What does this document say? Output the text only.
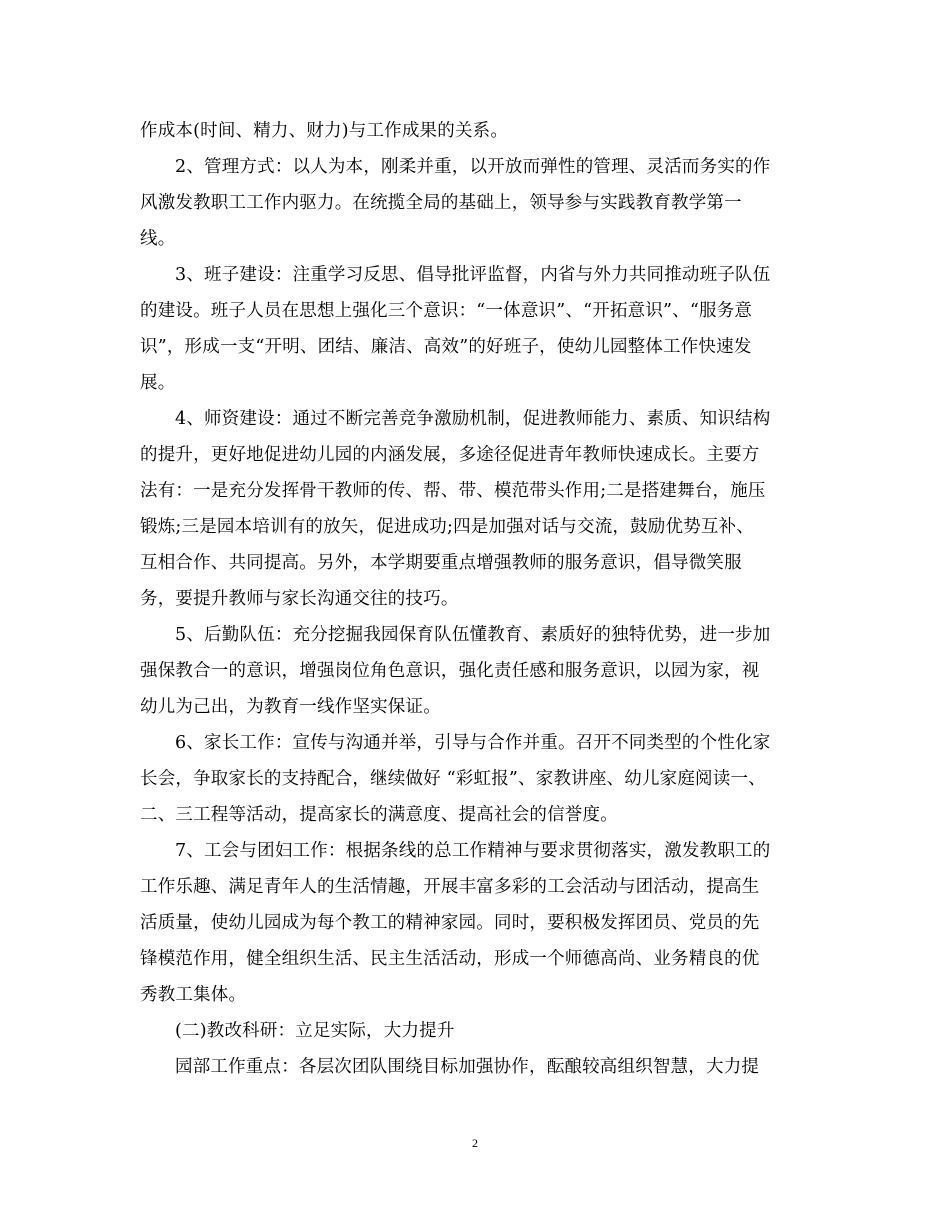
作成本(时间、精力、财力)与工作成果的关系。
2、管理方式：以人为本，刚柔并重，以开放而弹性的管理、灵活而务实的作
风激发教职工工作内驱力。在统揽全局的基础上，领导参与实践教育教学第一
线。
3、班子建设：注重学习反思、倡导批评监督，内省与外力共同推动班子队伍
的建设。班子人员在思想上强化三个意识：“一体意识”、“开拓意识”、“服务意
识”，形成一支“开明、团结、廉洁、高效”的好班子，使幼儿园整体工作快速发
展。
4、师资建设：通过不断完善竞争激励机制，促进教师能力、素质、知识结构
的提升，更好地促进幼儿园的内涵发展，多途径促进青年教师快速成长。主要方
法有：一是充分发挥骨干教师的传、帮、带、模范带头作用;二是搭建舞台，施压
锻炼;三是园本培训有的放矢，促进成功;四是加强对话与交流，鼓励优势互补、
互相合作、共同提高。另外，本学期要重点增强教师的服务意识，倡导微笑服
务，要提升教师与家长沟通交往的技巧。
5、后勤队伍：充分挖掘我园保育队伍懂教育、素质好的独特优势，进一步加
强保教合一的意识，增强岗位角色意识，强化责任感和服务意识，以园为家，视
幼儿为己出，为教育一线作坚实保证。
6、家长工作：宣传与沟通并举，引导与合作并重。召开不同类型的个性化家
长会，争取家长的支持配合，继续做好 “彩虹报”、家教讲座、幼儿家庭阅读一、
二、三工程等活动，提高家长的满意度、提高社会的信誉度。
7、工会与团妇工作：根据条线的总工作精神与要求贯彻落实，激发教职工的
工作乐趣、满足青年人的生活情趣，开展丰富多彩的工会活动与团活动，提高生
活质量，使幼儿园成为每个教工的精神家园。同时，要积极发挥团员、党员的先
锋模范作用，健全组织生活、民主生活活动，形成一个师德高尚、业务精良的优
秀教工集体。
(二)教改科研：立足实际，大力提升
园部工作重点：各层次团队围绕目标加强协作，酝酿较高组织智慧，大力提
2
